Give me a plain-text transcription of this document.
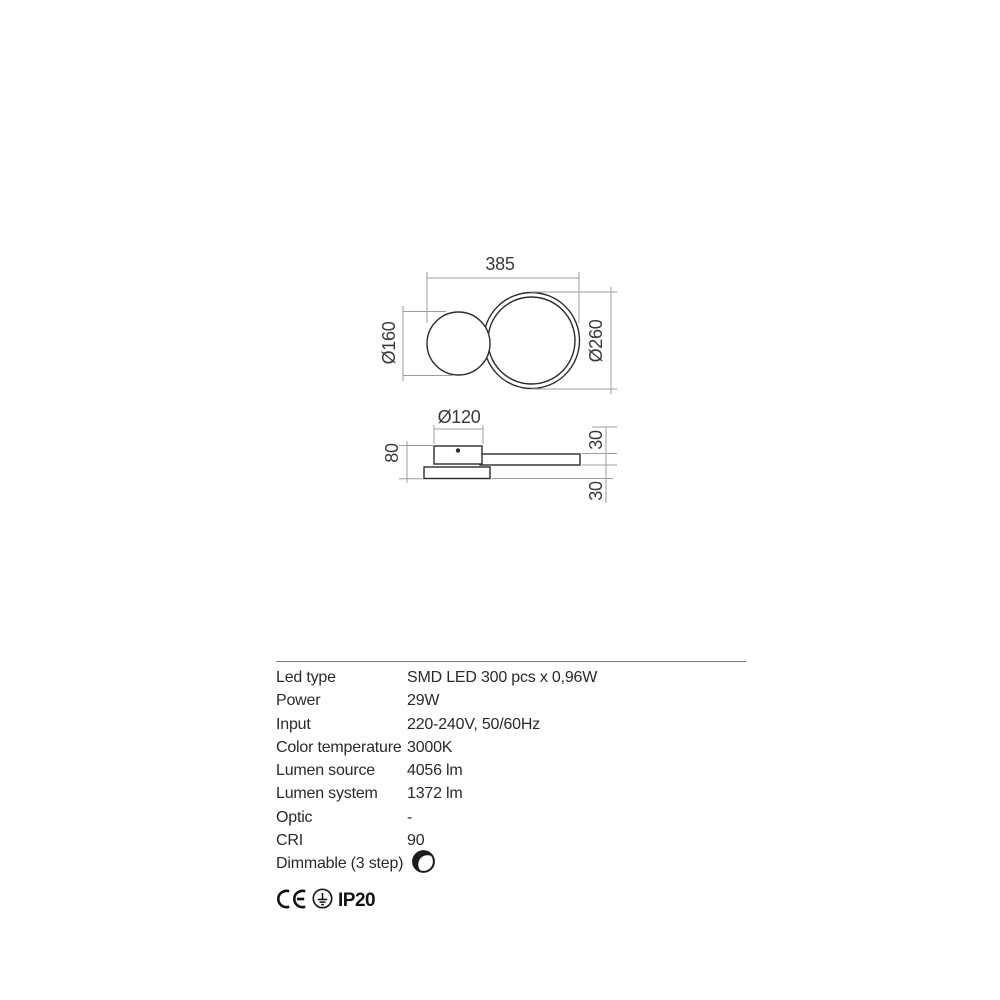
385
Ø160	Ø260
Ø120
80
30
30
Led type	SMD LED 300 pcs x 0,96W
Power	29W
Input	220-240V, 50/60Hz
Color temperature 3000K
Lumen source	4056 lm
Lumen system	1372 lm
Optic	-
CRI	90
Dimmable (3 step)
IP20
